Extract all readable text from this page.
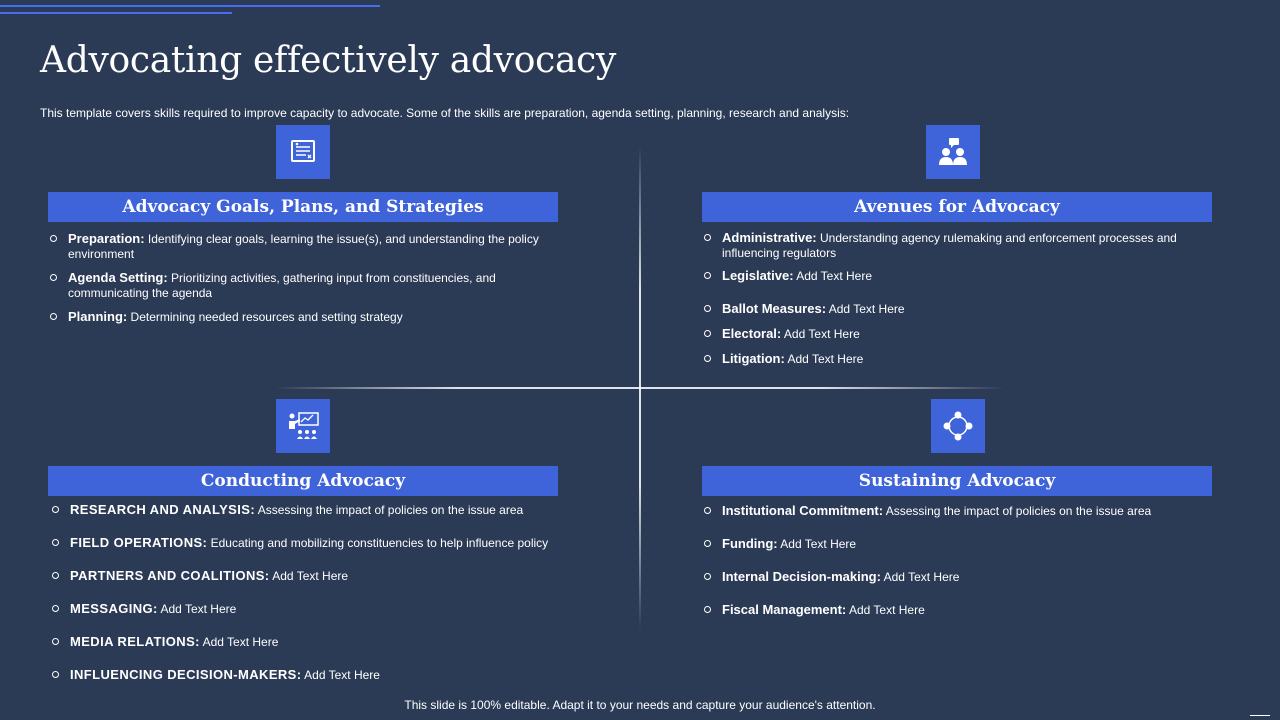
Advocating effectively advocacy
This template covers skills required to improve capacity to advocate. Some of the skills are preparation, agenda setting, planning, research and analysis:
Advocacy Goals, Plans, and Strategies
Preparation: Identifying clear goals, learning the issue(s), and understanding the policy environment
Agenda Setting: Prioritizing activities, gathering input from constituencies, and communicating the agenda
Planning: Determining needed resources and setting strategy
Avenues for Advocacy
Administrative: Understanding agency rulemaking and enforcement processes and influencing regulators
Legislative: Add Text Here
Ballot Measures: Add Text Here
Electoral: Add Text Here
Litigation: Add Text Here
Conducting Advocacy
RESEARCH AND ANALYSIS: Assessing the impact of policies on the issue area
FIELD OPERATIONS: Educating and mobilizing constituencies to help influence policy
PARTNERS AND COALITIONS: Add Text Here
MESSAGING: Add Text Here
MEDIA RELATIONS: Add Text Here
INFLUENCING DECISION-MAKERS: Add Text Here
Sustaining Advocacy
Institutional Commitment: Assessing the impact of policies on the issue area
Funding: Add Text Here
Internal Decision-making: Add Text Here
Fiscal Management: Add Text Here
This slide is 100% editable. Adapt it to your needs and capture your audience's attention.
